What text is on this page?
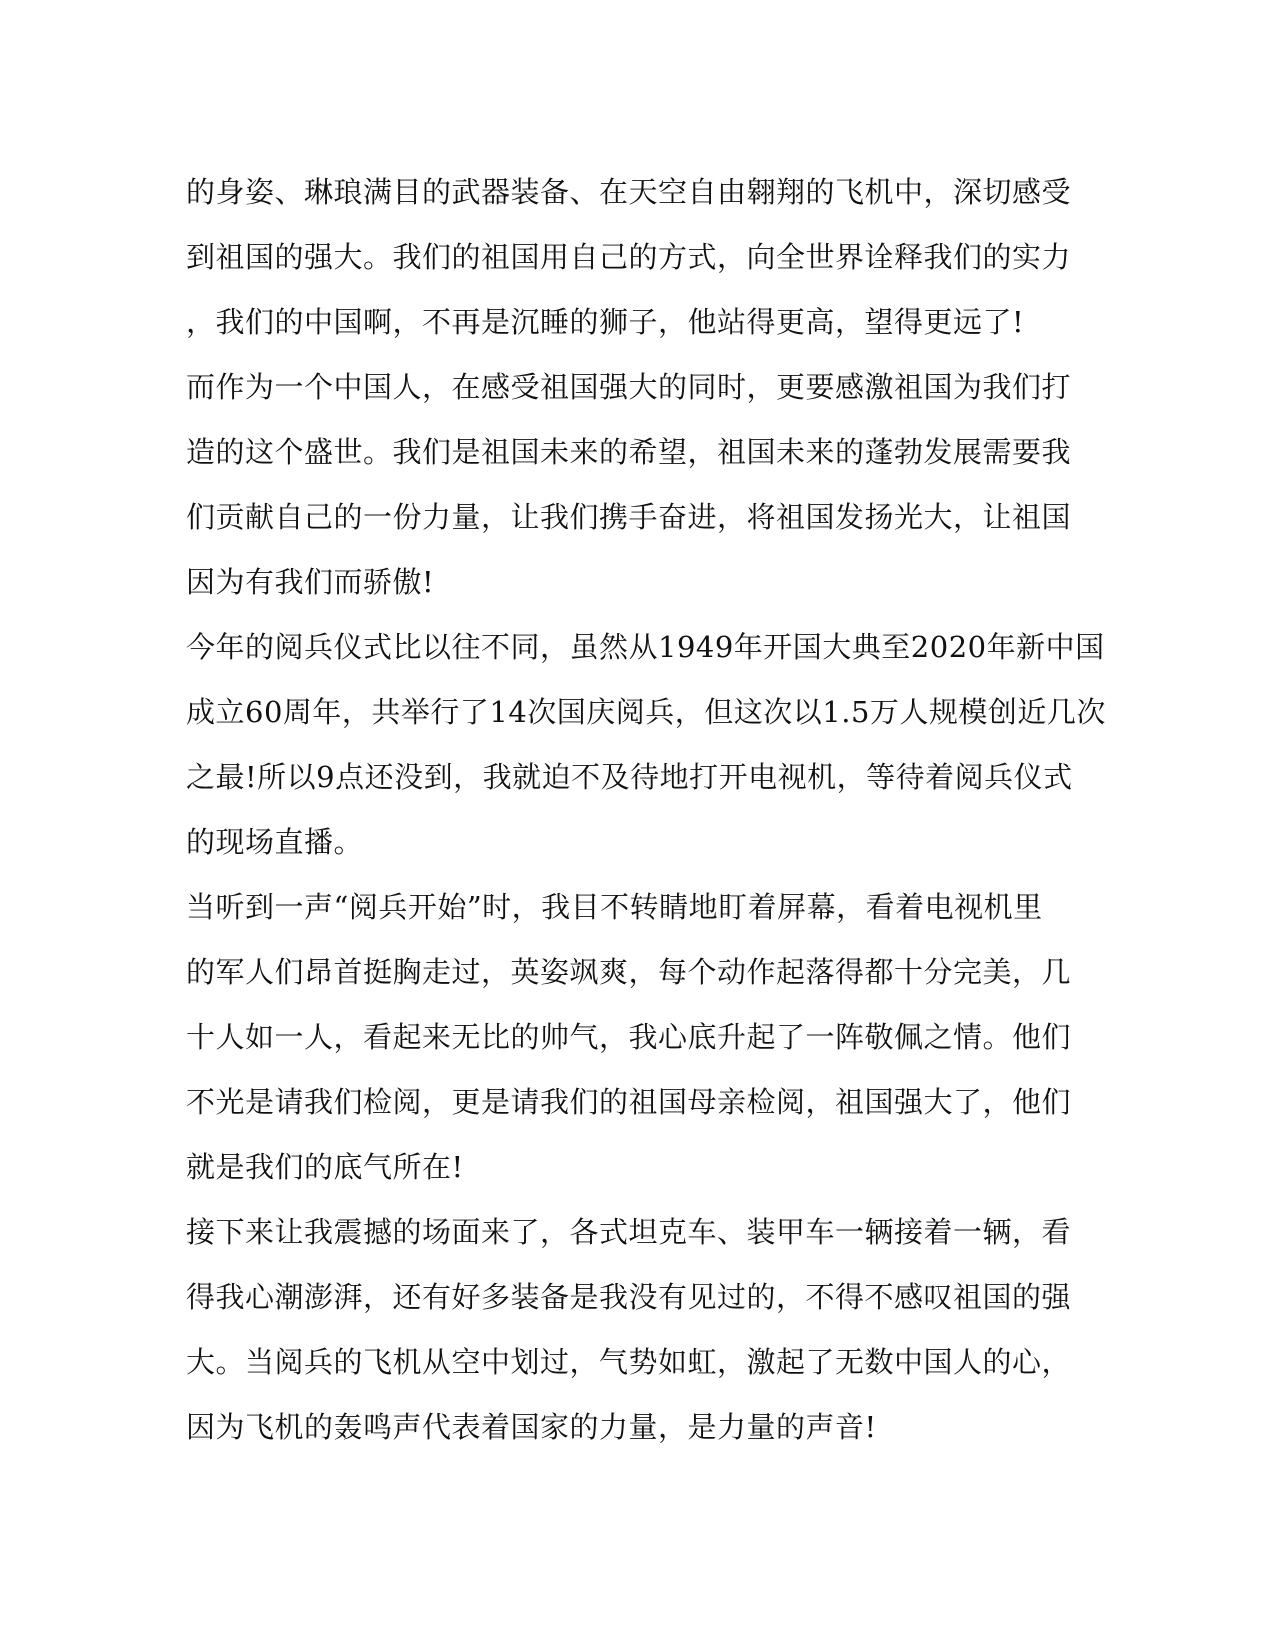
的身姿、琳琅满目的武器装备、在天空自由翱翔的飞机中，深切感受
到祖国的强大。我们的祖国用自己的方式，向全世界诠释我们的实力
，我们的中国啊，不再是沉睡的狮子，他站得更高，望得更远了!
而作为一个中国人，在感受祖国强大的同时，更要感激祖国为我们打
造的这个盛世。我们是祖国未来的希望，祖国未来的蓬勃发展需要我
们贡献自己的一份力量，让我们携手奋进，将祖国发扬光大，让祖国
因为有我们而骄傲!
今年的阅兵仪式比以往不同，虽然从1949年开国大典至2020年新中国
成立60周年，共举行了14次国庆阅兵，但这次以1.5万人规模创近几次
之最!所以9点还没到，我就迫不及待地打开电视机，等待着阅兵仪式
的现场直播。
当听到一声“阅兵开始”时，我目不转睛地盯着屏幕，看着电视机里
的军人们昂首挺胸走过，英姿飒爽，每个动作起落得都十分完美，几
十人如一人，看起来无比的帅气，我心底升起了一阵敬佩之情。他们
不光是请我们检阅，更是请我们的祖国母亲检阅，祖国强大了，他们
就是我们的底气所在!
接下来让我震撼的场面来了，各式坦克车、装甲车一辆接着一辆，看
得我心潮澎湃，还有好多装备是我没有见过的，不得不感叹祖国的强
大。当阅兵的飞机从空中划过，气势如虹，激起了无数中国人的心，
因为飞机的轰鸣声代表着国家的力量，是力量的声音!
